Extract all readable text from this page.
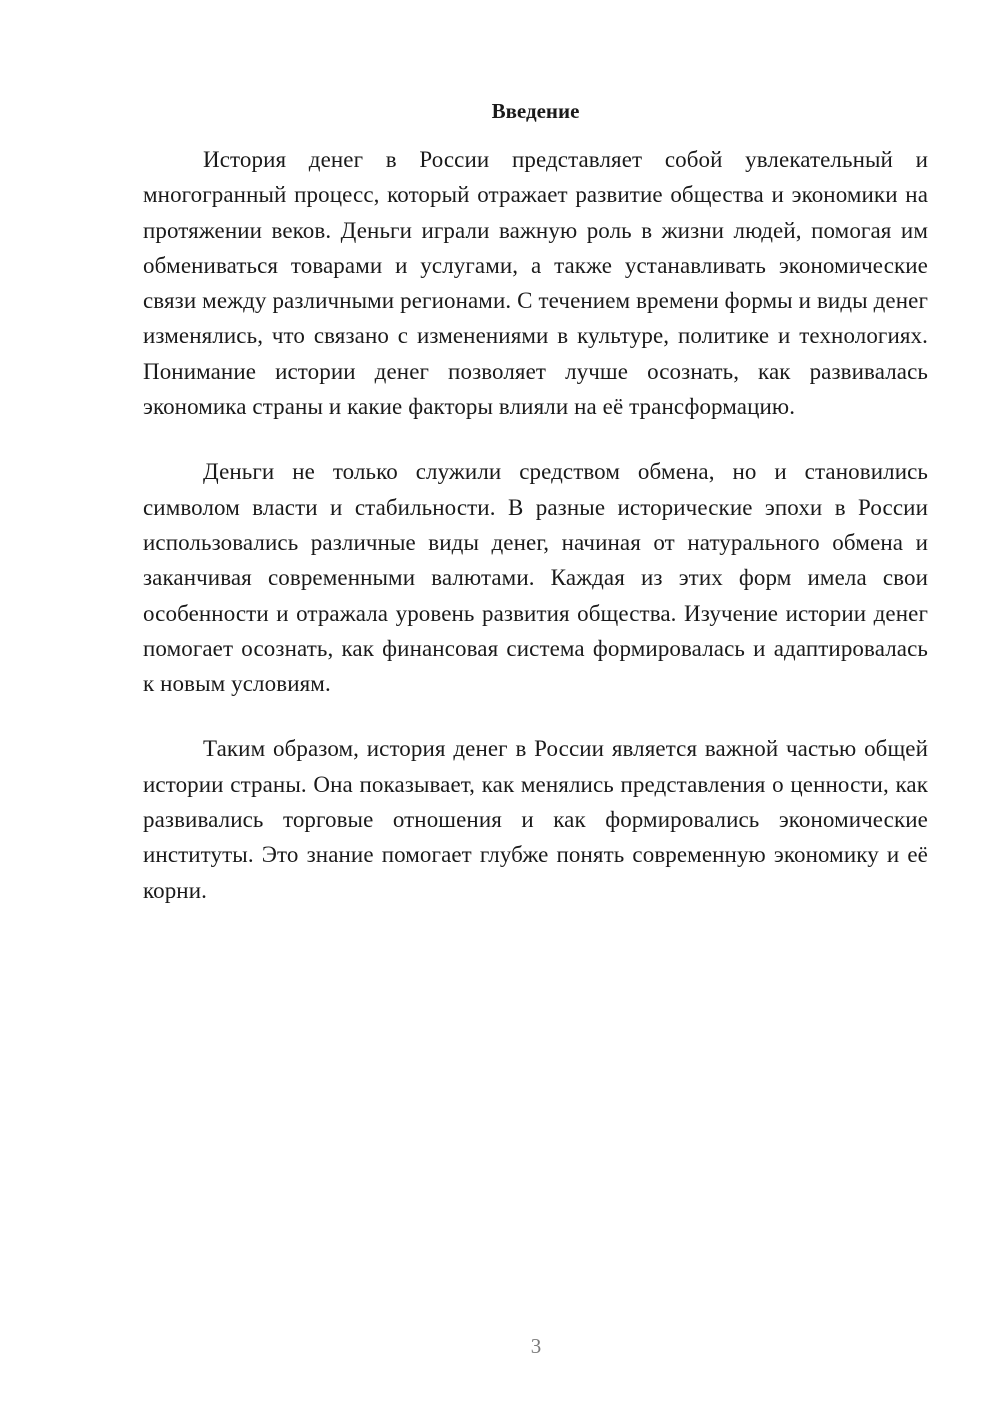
Введение

История денег в России представляет собой увлекательный и многогранный процесс, который отражает развитие общества и экономики на протяжении веков. Деньги играли важную роль в жизни людей, помогая им обмениваться товарами и услугами, а также устанавливать экономические связи между различными регионами. С течением времени формы и виды денег изменялись, что связано с изменениями в культуре, политике и технологиях. Понимание истории денег позволяет лучше осознать, как развивалась экономика страны и какие факторы влияли на её трансформацию.

Деньги не только служили средством обмена, но и становились символом власти и стабильности. В разные исторические эпохи в России использовались различные виды денег, начиная от натурального обмена и заканчивая современными валютами. Каждая из этих форм имела свои особенности и отражала уровень развития общества. Изучение истории денег помогает осознать, как финансовая система формировалась и адаптировалась к новым условиям.

Таким образом, история денег в России является важной частью общей истории страны. Она показывает, как менялись представления о ценности, как развивались торговые отношения и как формировались экономические институты. Это знание помогает глубже понять современную экономику и её корни.

3
